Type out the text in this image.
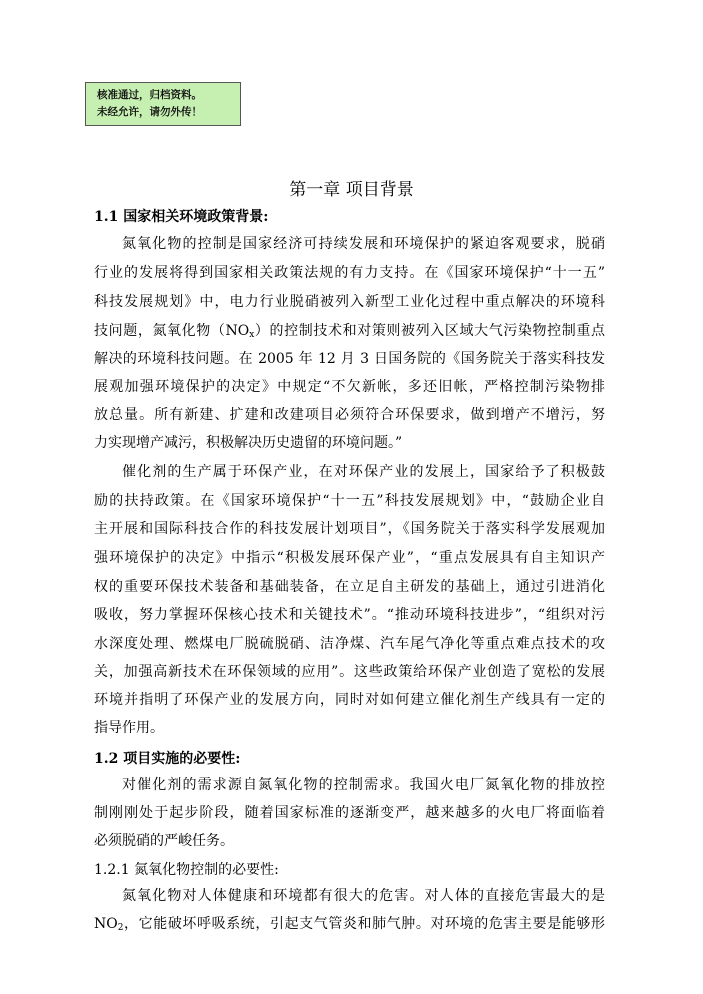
核准通过，归档资料。
未经允许，请勿外传！
第一章 项目背景
1.1 国家相关环境政策背景:
氮氧化物的控制是国家经济可持续发展和环境保护的紧迫客观要求，脱硝
行业的发展将得到国家相关政策法规的有力支持。在《国家环境保护“十一五”
科技发展规划》中，电力行业脱硝被列入新型工业化过程中重点解决的环境科
技问题，氮氧化物$(NO_x)$的控制技术和对策则被列入区域大气污染物控制重点
解决的环境科技问题。在 2005 年 12 月 3 日国务院的《国务院关于落实科技发
展观加强环境保护的决定》中规定“不欠新帐，多还旧帐，严格控制污染物排
放总量。所有新建、扩建和改建项目必须符合环保要求，做到增产不增污，努
力实现增产减污，积极解决历史遗留的环境问题。”
催化剂的生产属于环保产业，在对环保产业的发展上，国家给予了积极鼓
励的扶持政策。在《国家环境保护“十一五”科技发展规划》中，“鼓励企业自
主开展和国际科技合作的科技发展计划项目”，《国务院关于落实科学发展观加
强环境保护的决定》中指示“积极发展环保产业”，“重点发展具有自主知识产
权的重要环保技术装备和基础装备，在立足自主研发的基础上，通过引进消化
吸收，努力掌握环保核心技术和关键技术”。“推动环境科技进步”，“组织对污
水深度处理、燃煤电厂脱硫脱硝、洁净煤、汽车尾气净化等重点难点技术的攻
关，加强高新技术在环保领域的应用”。这些政策给环保产业创造了宽松的发展
环境并指明了环保产业的发展方向，同时对如何建立催化剂生产线具有一定的
指导作用。
1.2 项目实施的必要性:
对催化剂的需求源自氮氧化物的控制需求。我国火电厂氮氧化物的排放控
制刚刚处于起步阶段，随着国家标准的逐渐变严，越来越多的火电厂将面临着
必须脱硝的严峻任务。
1.2.1 氮氧化物控制的必要性:
氮氧化物对人体健康和环境都有很大的危害。对人体的直接危害最大的是
$NO_2$，它能破坏呼吸系统，引起支气管炎和肺气肿。对环境的危害主要是能够形
